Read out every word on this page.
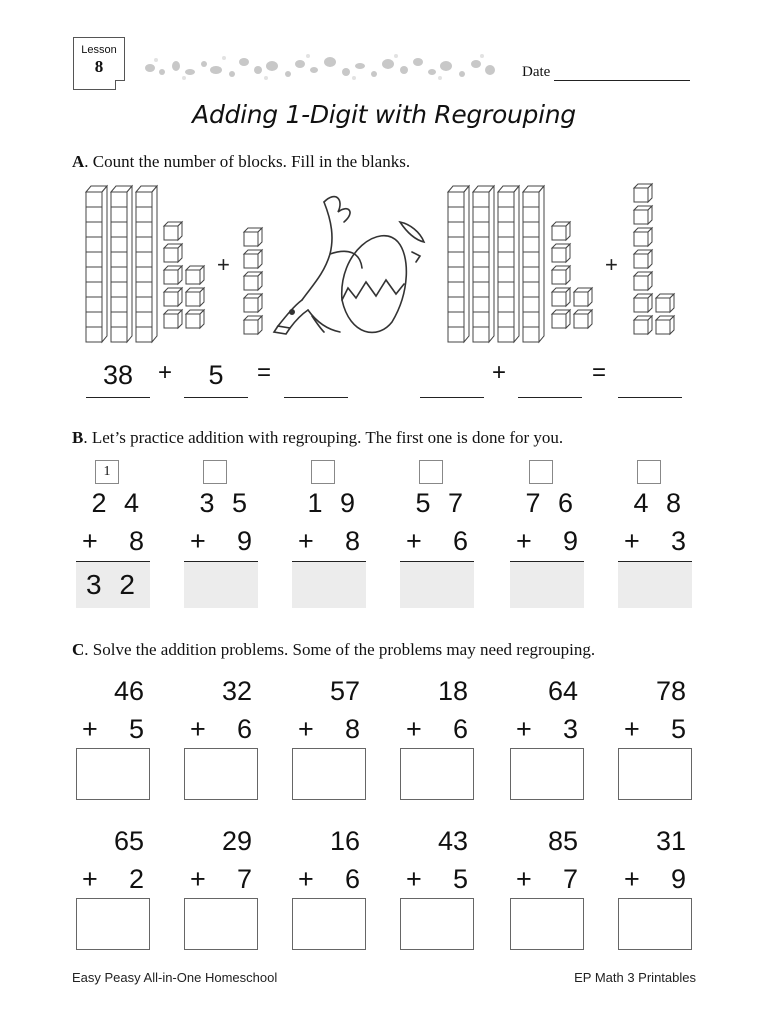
Lesson
8	Date
Adding 1-Digit with Regrouping
A. Count the number of blocks. Fill in the blanks.
+	+
38	+	5	=	+	=
B. Let’s practice addition with regrouping. The first one is done for you.
1
2 4
+ 8
3 2
3 5
+ 9
1 9
+ 8
5 7
+ 6
7 6
+ 9
4 8
+ 3
C. Solve the addition problems. Some of the problems may need regrouping.
46
+ 5
32
+ 6
57
+ 8
18
+ 6
64
+ 3
78
+ 5
65
+ 2
29
+ 7
16
+ 6
43
+ 5
85
+ 7
31
+ 9
Easy Peasy All-in-One Homeschool	EP Math 3 Printables
